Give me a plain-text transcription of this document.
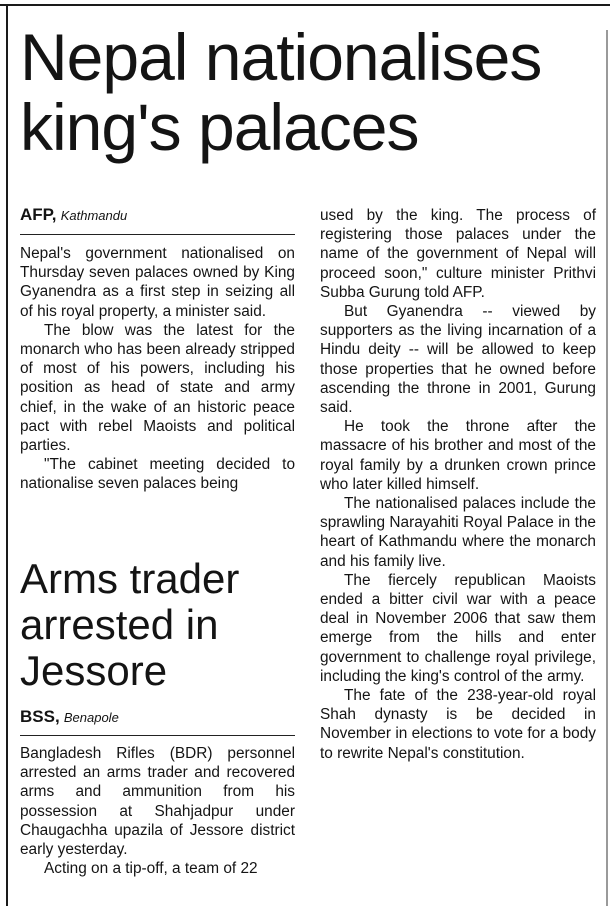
Nepal nationalises king's palaces
AFP, Kathmandu

Nepal's government nationalised on Thursday seven palaces owned by King Gyanendra as a first step in seizing all of his royal property, a minister said.

The blow was the latest for the monarch who has been already stripped of most of his powers, including his position as head of state and army chief, in the wake of an historic peace pact with rebel Maoists and political parties.

"The cabinet meeting decided to nationalise seven palaces being

used by the king. The process of registering those palaces under the name of the government of Nepal will proceed soon," culture minister Prithvi Subba Gurung told AFP.

But Gyanendra -- viewed by supporters as the living incarnation of a Hindu deity -- will be allowed to keep those properties that he owned before ascending the throne in 2001, Gurung said.

He took the throne after the massacre of his brother and most of the royal family by a drunken crown prince who later killed himself.

The nationalised palaces include the sprawling Narayahiti Royal Palace in the heart of Kathmandu where the monarch and his family live.

The fiercely republican Maoists ended a bitter civil war with a peace deal in November 2006 that saw them emerge from the hills and enter government to challenge royal privilege, including the king's control of the army.

The fate of the 238-year-old royal Shah dynasty is be decided in November in elections to vote for a body to rewrite Nepal's constitution.

Arms trader arrested in Jessore
BSS, Benapole

Bangladesh Rifles (BDR) personnel arrested an arms trader and recovered arms and ammunition from his possession at Shahjadpur under Chaugachha upazila of Jessore district early yesterday.

Acting on a tip-off, a team of 22
